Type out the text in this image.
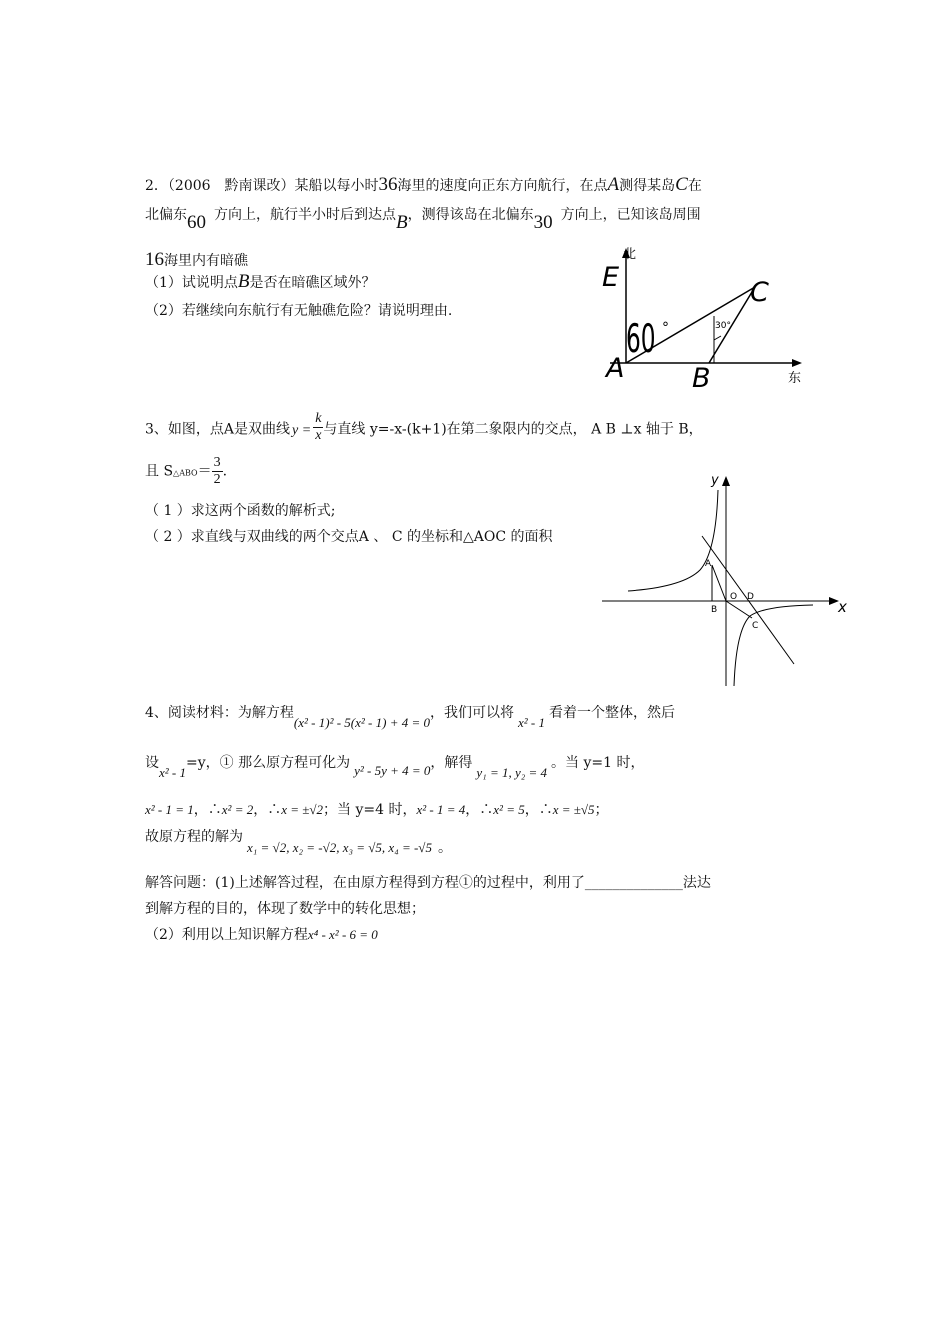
2．（2006　黔南课改）某船以每小时36海里的速度向正东方向航行，在点A测得某岛C在
北偏东60 方向上，航行半小时后到达点B，测得该岛在北偏东30 方向上，已知该岛周围
16海里内有暗礁
（1）试说明点B是否在暗礁区域外？
（2）若继续向东航行有无触礁危险？请说明理由.
北
东
E	C
A	B
60 °	30°
3、如图，点A是双曲线 $y = \frac{k}{x}$ 与直线 y=-x-(k+1)在第二象限内的交点， A B ⊥x 轴于 B，
且 S△ABO＝ $\frac{3}{2}$ .
（ 1 ）求这两个函数的解析式;
（ 2 ）求直线与双曲线的两个交点A 、 C 的坐标和△AOC 的面积
x
y
A
O D
B
C
4、阅读材料：为解方程(x² - 1)² - 5(x² - 1) + 4 = 0，我们可以将x² - 1看着一个整体，然后
设x² - 1=y，① 那么原方程可化为 y² - 5y + 4 = 0，解得y₁ = 1, y₂ = 4。当 y=1 时，
x² - 1 = 1，∴x² = 2，∴x = ±√2；当 y=4 时，x² - 1 = 4，∴x² = 5，∴x = ±√5；
故原方程的解为x₁ = √2, x₂ = -√2, x₃ = √5, x₄ = -√5 。
解答问题：(1)上述解答过程，在由原方程得到方程①的过程中，利用了______________法达
到解方程的目的，体现了数学中的转化思想；
（2）利用以上知识解方程x⁴ - x² - 6 = 0
